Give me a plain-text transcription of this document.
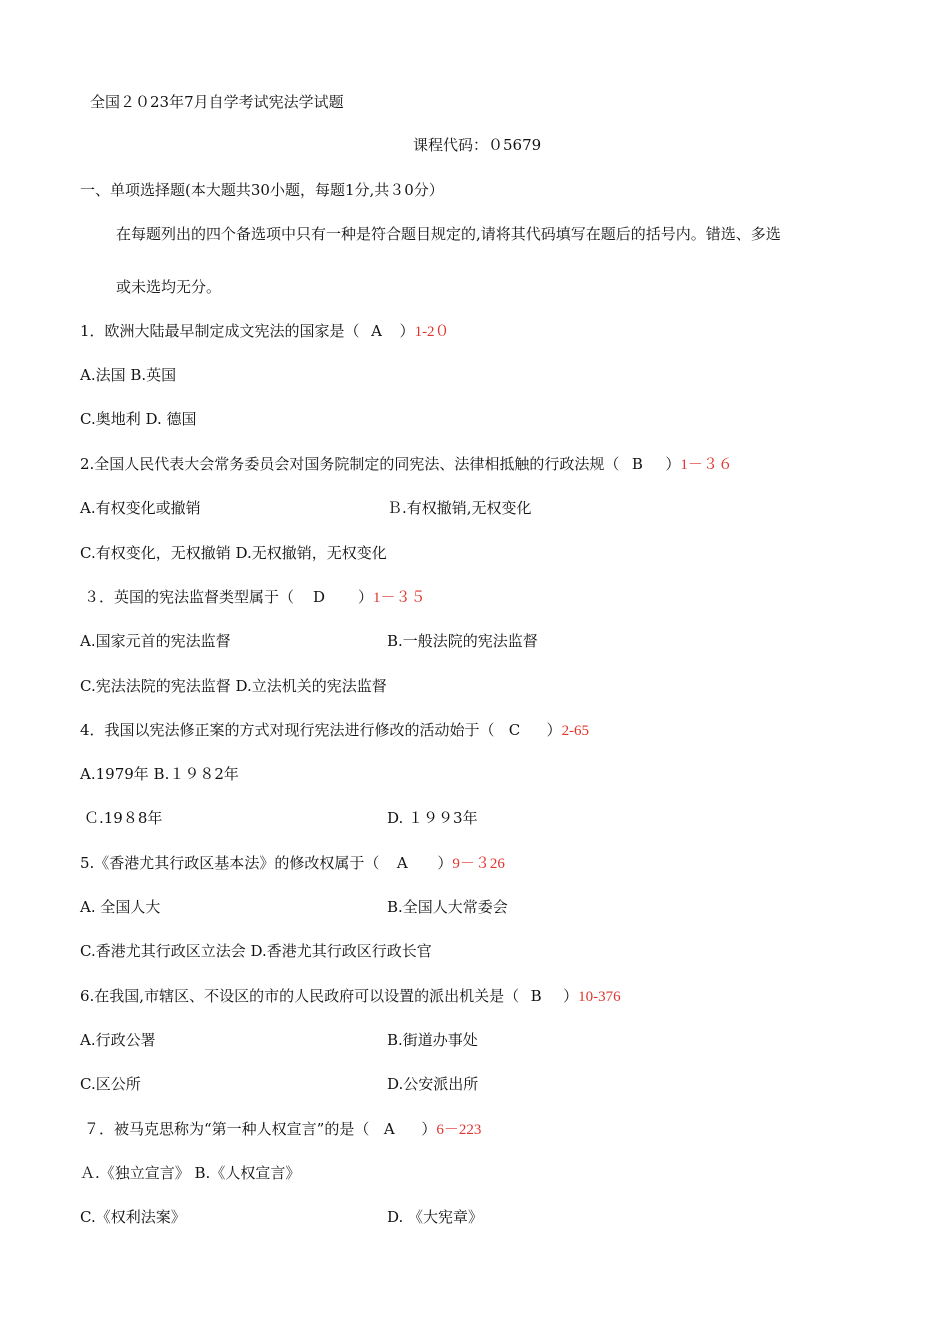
全国２０23年7月自学考试宪法学试题
课程代码：０5679
一、单项选择题(本大题共30小题，每题1分,共３0分）
在每题列出的四个备选项中只有一种是符合题目规定的,请将其代码填写在题后的括号内。错选、多选
或未选均无分。
1．欧洲大陆最早制定成文宪法的国家是（ A ）1-2０
A.法国 B.英国
C.奥地利 D. 德国
2.全国人民代表大会常务委员会对国务院制定的同宪法、法律相抵触的行政法规（ B ）1－３６
A.有权变化或撤销	Ｂ.有权撤销,无权变化
C.有权变化，无权撤销 D.无权撤销，无权变化
３．英国的宪法监督类型属于（ D ）1－３５
A.国家元首的宪法监督	B.一般法院的宪法监督
C.宪法法院的宪法监督 D.立法机关的宪法监督
4．我国以宪法修正案的方式对现行宪法进行修改的活动始于（ C ）2-65
A.1979年 B.１９８2年
Ｃ.19８8年	D. １９９3年
5.《香港尤其行政区基本法》的修改权属于（ A ）9－３26
A. 全国人大	B.全国人大常委会
C.香港尤其行政区立法会 D.香港尤其行政区行政长官
6.在我国,市辖区、不设区的市的人民政府可以设置的派出机关是（ B ）10-376
A.行政公署	B.街道办事处
C.区公所	D.公安派出所
７．被马克思称为“第一种人权宣言”的是（ A ）6－223
Ａ.《独立宣言》 B.《人权宣言》
C.《权利法案》	D. 《大宪章》
